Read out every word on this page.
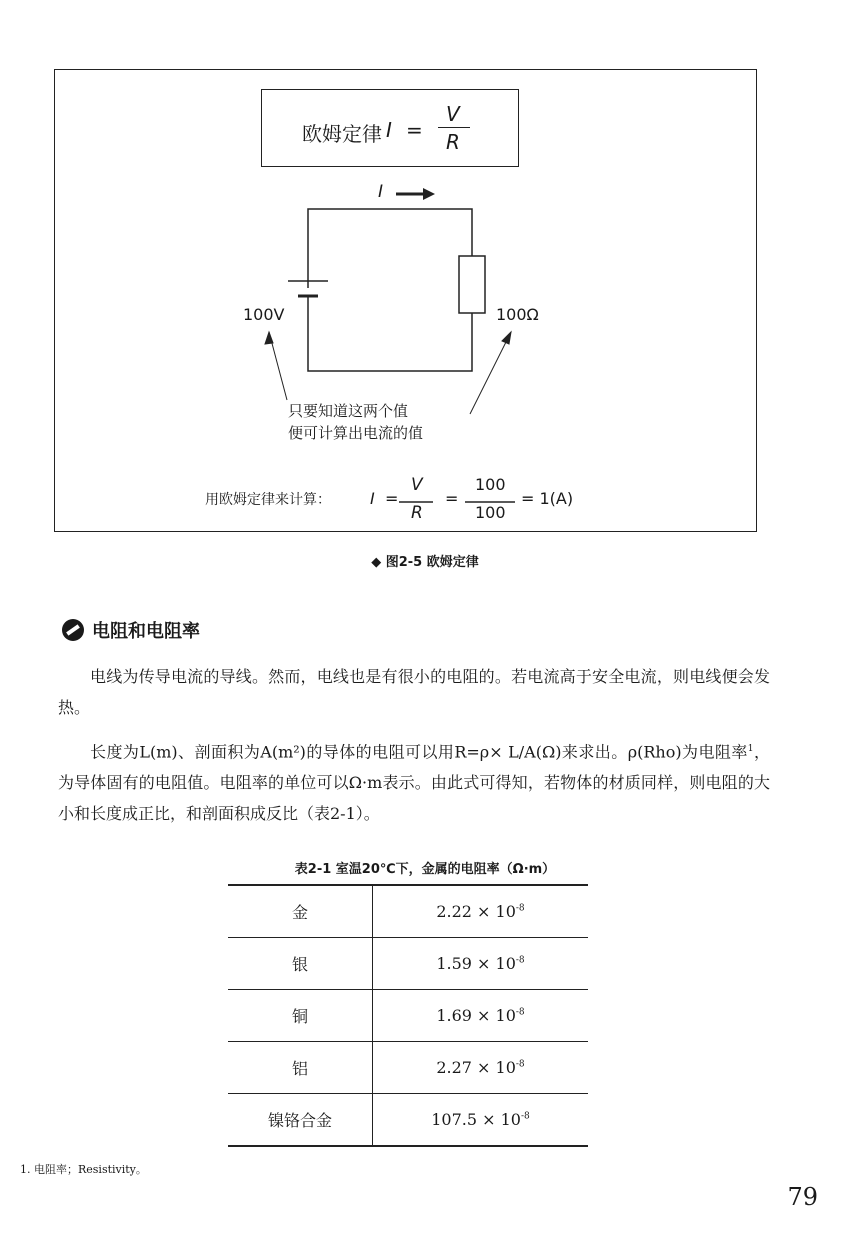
欧姆定律 I =
V
R
I
100V	100Ω
只要知道这两个值
便可计算出电流的值
用欧姆定律来计算： I =
V
R
=
100
100
= 1(A)
◆ 图2-5 欧姆定律
电阻和电阻率
电线为传导电流的导线。然而，电线也是有很小的电阻的。若电流高于安全电流，则电线便会发热。
长度为L(m)、剖面积为A(m²)的导体的电阻可以用R=ρ× L/A(Ω)来求出。ρ(Rho)为电阻率$^1$，为导体固有的电阻值。电阻率的单位可以Ω·m表示。由此式可得知，若物体的材质同样，则电阻的大小和长度成正比，和剖面积成反比（表2-1）。
表2-1 室温20℃下，金属的电阻率（Ω·m）
金	$2.22 \times 10^{-8}$
银	$1.59 \times 10^{-8}$
铜	$1.69 \times 10^{-8}$
铝	$2.27 \times 10^{-8}$
镍铬合金	$107.5 \times 10^{-8}$
1. 电阻率；Resistivity。
79
